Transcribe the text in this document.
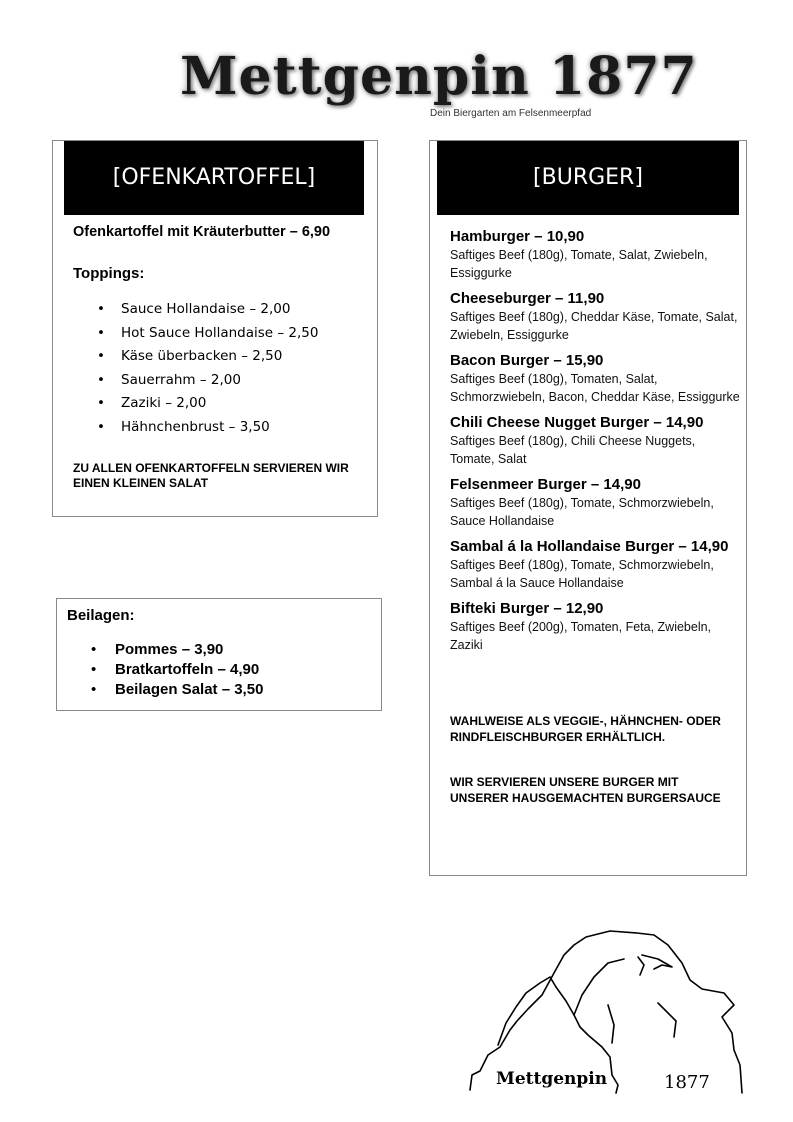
Mettgenpin 1877
Dein Biergarten am Felsenmeerpfad
[OFENKARTOFFEL]
Ofenkartoffel mit Kräuterbutter – 6,90
Toppings:
• Sauce Hollandaise – 2,00
• Hot Sauce Hollandaise – 2,50
• Käse überbacken – 2,50
• Sauerrahm – 2,00
• Zaziki – 2,00
• Hähnchenbrust – 3,50
ZU ALLEN OFENKARTOFFELN SERVIEREN WIR EINEN KLEINEN SALAT
Beilagen:
• Pommes – 3,90
• Bratkartoffeln – 4,90
• Beilagen Salat – 3,50
[BURGER]
Hamburger – 10,90
Saftiges Beef (180g), Tomate, Salat, Zwiebeln, Essiggurke
Cheeseburger – 11,90
Saftiges Beef (180g), Cheddar Käse, Tomate, Salat, Zwiebeln, Essiggurke
Bacon Burger – 15,90
Saftiges Beef (180g), Tomaten, Salat, Schmorzwiebeln, Bacon, Cheddar Käse, Essiggurke
Chili Cheese Nugget Burger – 14,90
Saftiges Beef (180g), Chili Cheese Nuggets, Tomate, Salat
Felsenmeer Burger – 14,90
Saftiges Beef (180g), Tomate, Schmorzwiebeln, Sauce Hollandaise
Sambal á la Hollandaise Burger – 14,90
Saftiges Beef (180g), Tomate, Schmorzwiebeln, Sambal á la Sauce Hollandaise
Bifteki Burger – 12,90
Saftiges Beef (200g), Tomaten, Feta, Zwiebeln, Zaziki
WAHLWEISE ALS VEGGIE-, HÄHNCHEN- ODER RINDFLEISCHBURGER ERHÄLTLICH.
WIR SERVIEREN UNSERE BURGER MIT UNSERER HAUSGEMACHTEN BURGERSAUCE
Mettgenpin	1877
